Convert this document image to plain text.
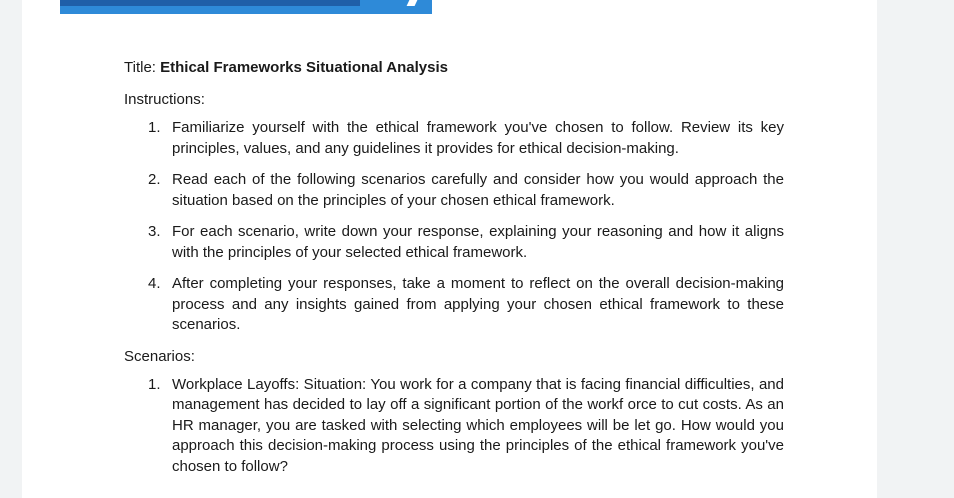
Title: Ethical Frameworks Situational Analysis

Instructions:

1. Familiarize yourself with the ethical framework you've chosen to follow. Review its key principles, values, and any guidelines it provides for ethical decision-making.
2. Read each of the following scenarios carefully and consider how you would approach the situation based on the principles of your chosen ethical framework.
3. For each scenario, write down your response, explaining your reasoning and how it aligns with the principles of your selected ethical framework.
4. After completing your responses, take a moment to reflect on the overall decision-making process and any insights gained from applying your chosen ethical framework to these scenarios.

Scenarios:

1. Workplace Layoffs: Situation: You work for a company that is facing financial difficulties, and management has decided to lay off a significant portion of the workf orce to cut costs. As an HR manager, you are tasked with selecting which employees will be let go. How would you approach this decision-making process using the principles of the ethical framework you've chosen to follow?
